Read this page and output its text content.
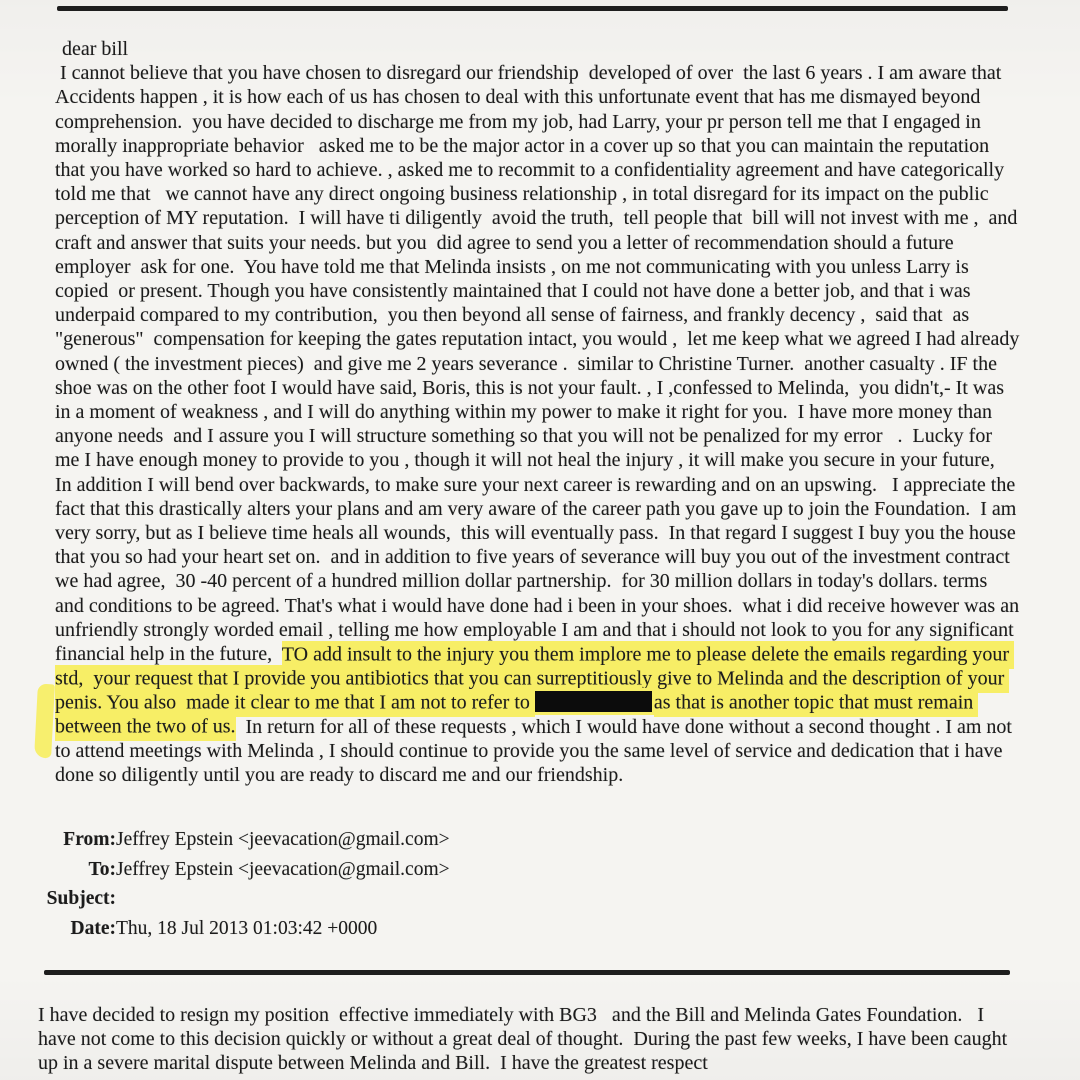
dear bill

I cannot believe that you have chosen to disregard our friendship  developed of over  the last 6 years . I am aware that Accidents happen , it is how each of us has chosen to deal with this unfortunate event that has me dismayed beyond comprehension.  you have decided to discharge me from my job, had Larry, your pr person tell me that I engaged in morally inappropriate behavior   asked me to be the major actor in a cover up so that you can maintain the reputation that you have worked so hard to achieve. , asked me to recommit to a confidentiality agreement and have categorically told me that   we cannot have any direct ongoing business relationship , in total disregard for its impact on the public perception of MY reputation.  I will have ti diligently  avoid the truth,  tell people that  bill will not invest with me ,  and craft and answer that suits your needs. but you  did agree to send you a letter of recommendation should a future employer  ask for one.  You have told me that Melinda insists , on me not communicating with you unless Larry is copied  or present. Though you have consistently maintained that I could not have done a better job, and that i was underpaid compared to my contribution,  you then beyond all sense of fairness, and frankly decency ,  said that  as "generous"  compensation for keeping the gates reputation intact, you would ,  let me keep what we agreed I had already owned ( the investment pieces)  and give me 2 years severance .  similar to Christine Turner.  another casualty . IF the shoe was on the other foot I would have said, Boris, this is not your fault. , I ,confessed to Melinda,  you didn't,- It was in a moment of weakness , and I will do anything within my power to make it right for you.  I have more money than anyone needs  and I assure you I will structure something so that you will not be penalized for my error   .  Lucky for me I have enough money to provide to you , though it will not heal the injury , it will make you secure in your future,  In addition I will bend over backwards, to make sure your next career is rewarding and on an upswing.   I appreciate the fact that this drastically alters your plans and am very aware of the career path you gave up to join the Foundation.  I am very sorry, but as I believe time heals all wounds,  this will eventually pass.  In that regard I suggest I buy you the house that you so had your heart set on.  and in addition to five years of severance will buy you out of the investment contract we had agree,  30 -40 percent of a hundred million dollar partnership.  for 30 million dollars in today's dollars. terms and conditions to be agreed. That's what i would have done had i been in your shoes.  what i did receive however was an unfriendly strongly worded email , telling me how employable I am and that i should not look to you for any significant   financial help in the future,  TO add insult to the injury you them implore me to please delete the emails regarding your std,  your request that I provide you antibiotics that you can surreptitiously give to Melinda and the description of your penis. You also  made it clear to me that I am not to refer to	as that is another topic that must remain between the two of us.  In return for all of these requests , which I would have done without a second thought . I am not to attend meetings with Melinda , I should continue to provide you the same level of service and dedication that i have done so diligently until you are ready to discard me and our friendship.

From:	Jeffrey Epstein <jeevacation@gmail.com>
To:	Jeffrey Epstein <jeevacation@gmail.com>
Subject:	
Date:	Thu, 18 Jul 2013 01:03:42 +0000

I have decided to resign my position  effective immediately with BG3   and the Bill and Melinda Gates Foundation.   I have not come to this decision quickly or without a great deal of thought.  During the past few weeks, I have been caught up in a severe marital dispute between Melinda and Bill.  I have the greatest respect
